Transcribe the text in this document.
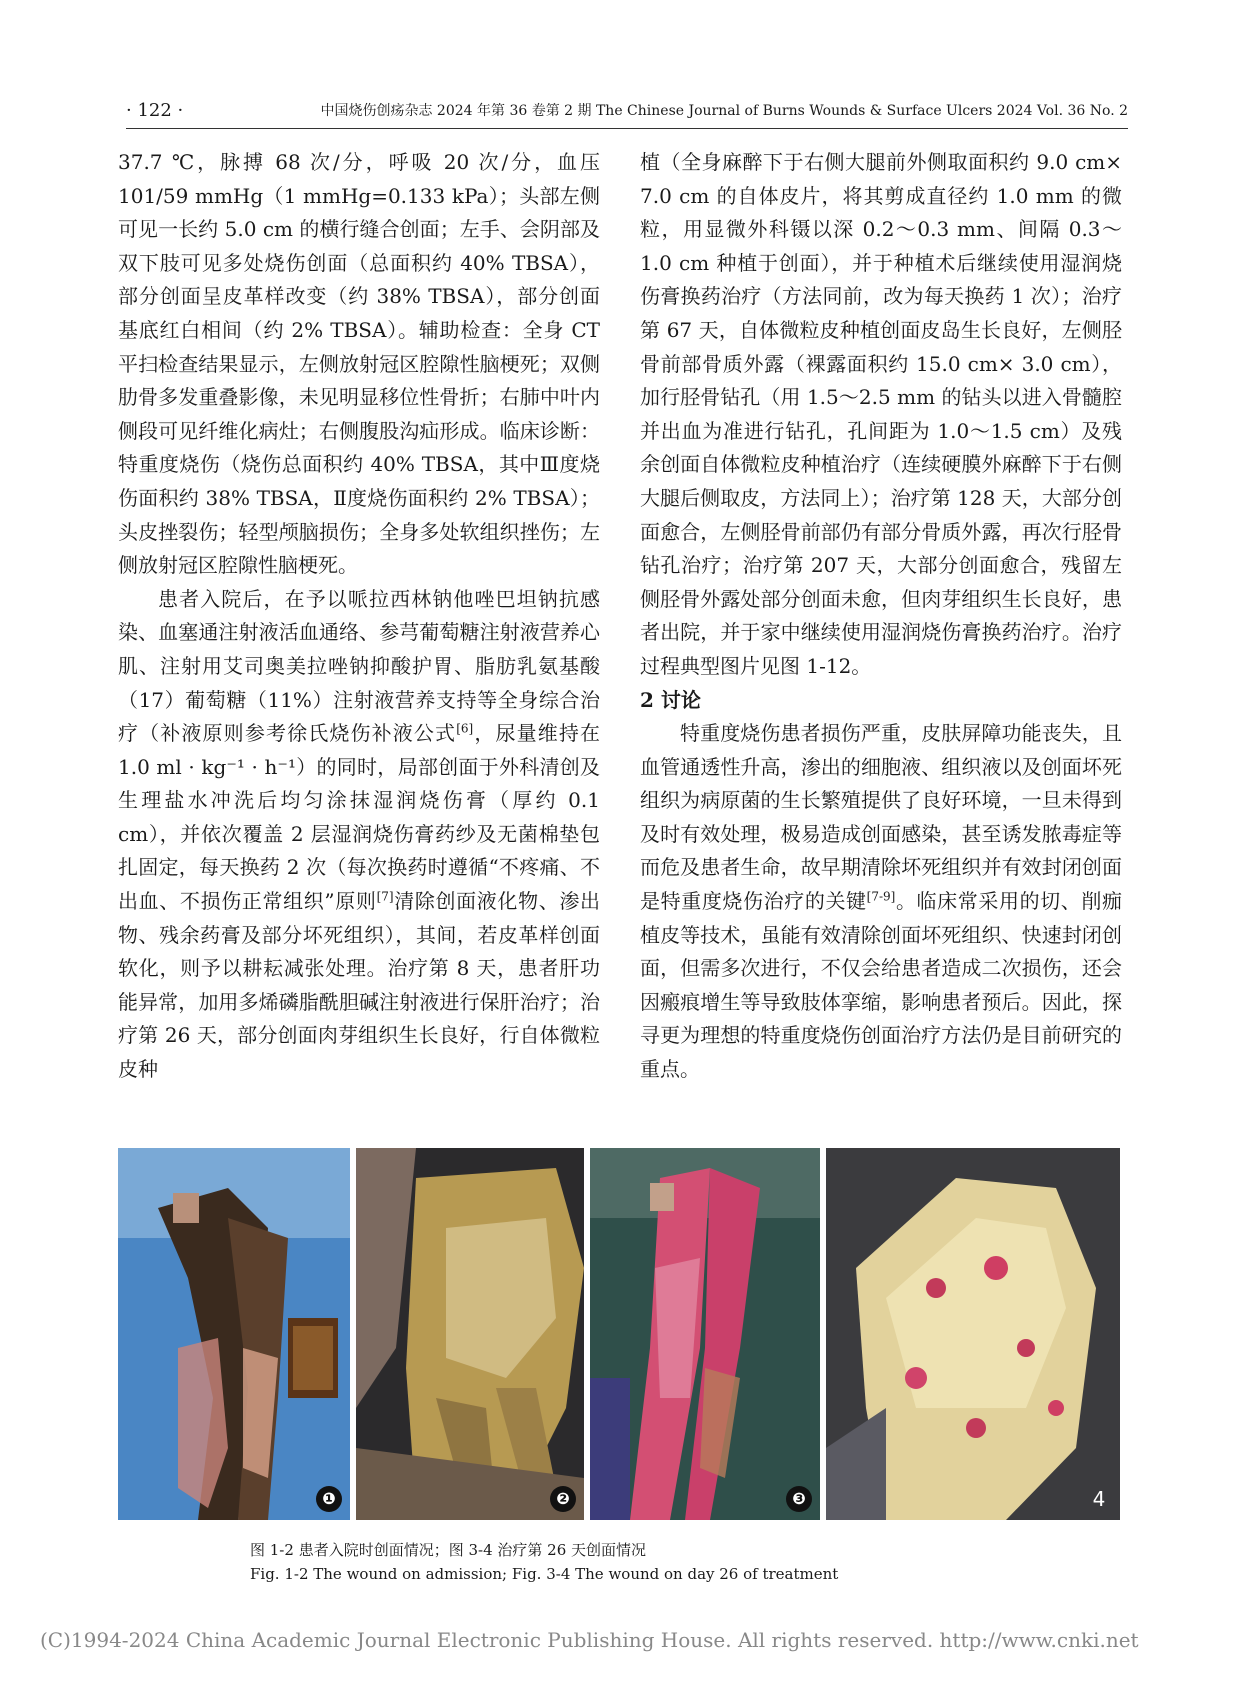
· 122 ·	中国烧伤创疡杂志 2024 年第 36 卷第 2 期 The Chinese Journal of Burns Wounds & Surface Ulcers 2024 Vol. 36 No. 2

37.7 ℃，脉搏 68 次/分，呼吸 20 次/分，血压 101/59 mmHg（1 mmHg=0.133 kPa）；头部左侧可见一长约 5.0 cm 的横行缝合创面；左手、会阴部及双下肢可见多处烧伤创面（总面积约 40% TBSA），部分创面呈皮革样改变（约 38% TBSA），部分创面基底红白相间（约 2% TBSA）。辅助检查：全身 CT 平扫检查结果显示，左侧放射冠区腔隙性脑梗死；双侧肋骨多发重叠影像，未见明显移位性骨折；右肺中叶内侧段可见纤维化病灶；右侧腹股沟疝形成。临床诊断：特重度烧伤（烧伤总面积约 40% TBSA，其中Ⅲ度烧伤面积约 38% TBSA，Ⅱ度烧伤面积约 2% TBSA）；头皮挫裂伤；轻型颅脑损伤；全身多处软组织挫伤；左侧放射冠区腔隙性脑梗死。

患者入院后，在予以哌拉西林钠他唑巴坦钠抗感染、血塞通注射液活血通络、参芎葡萄糖注射液营养心肌、注射用艾司奥美拉唑钠抑酸护胃、脂肪乳氨基酸（17）葡萄糖（11%）注射液营养支持等全身综合治疗（补液原则参考徐氏烧伤补液公式[6]，尿量维持在 1.0 ml · kg⁻¹ · h⁻¹）的同时，局部创面于外科清创及生理盐水冲洗后均匀涂抹湿润烧伤膏（厚约 0.1 cm），并依次覆盖 2 层湿润烧伤膏药纱及无菌棉垫包扎固定，每天换药 2 次（每次换药时遵循“不疼痛、不出血、不损伤正常组织”原则[7]清除创面液化物、渗出物、残余药膏及部分坏死组织），其间，若皮革样创面软化，则予以耕耘减张处理。治疗第 8 天，患者肝功能异常，加用多烯磷脂酰胆碱注射液进行保肝治疗；治疗第 26 天，部分创面肉芽组织生长良好，行自体微粒皮种

植（全身麻醉下于右侧大腿前外侧取面积约 9.0 cm× 7.0 cm 的自体皮片，将其剪成直径约 1.0 mm 的微粒，用显微外科镊以深 0.2～0.3 mm、间隔 0.3～1.0 cm 种植于创面），并于种植术后继续使用湿润烧伤膏换药治疗（方法同前，改为每天换药 1 次）；治疗第 67 天，自体微粒皮种植创面皮岛生长良好，左侧胫骨前部骨质外露（裸露面积约 15.0 cm× 3.0 cm），加行胫骨钻孔（用 1.5～2.5 mm 的钻头以进入骨髓腔并出血为准进行钻孔，孔间距为 1.0～1.5 cm）及残余创面自体微粒皮种植治疗（连续硬膜外麻醉下于右侧大腿后侧取皮，方法同上）；治疗第 128 天，大部分创面愈合，左侧胫骨前部仍有部分骨质外露，再次行胫骨钻孔治疗；治疗第 207 天，大部分创面愈合，残留左侧胫骨外露处部分创面未愈，但肉芽组织生长良好，患者出院，并于家中继续使用湿润烧伤膏换药治疗。治疗过程典型图片见图 1-12。

2 讨论

特重度烧伤患者损伤严重，皮肤屏障功能丧失，且血管通透性升高，渗出的细胞液、组织液以及创面坏死组织为病原菌的生长繁殖提供了良好环境，一旦未得到及时有效处理，极易造成创面感染，甚至诱发脓毒症等而危及患者生命，故早期清除坏死组织并有效封闭创面是特重度烧伤治疗的关键[7-9]。临床常采用的切、削痂植皮等技术，虽能有效清除创面坏死组织、快速封闭创面，但需多次进行，不仅会给患者造成二次损伤，还会因瘢痕增生等导致肢体挛缩，影响患者预后。因此，探寻更为理想的特重度烧伤创面治疗方法仍是目前研究的重点。

❶	❷	❸	4
图 1-2 患者入院时创面情况；图 3-4 治疗第 26 天创面情况
Fig. 1-2 The wound on admission; Fig. 3-4 The wound on day 26 of treatment
(C)1994-2024 China Academic Journal Electronic Publishing House. All rights reserved. http://www.cnki.net
